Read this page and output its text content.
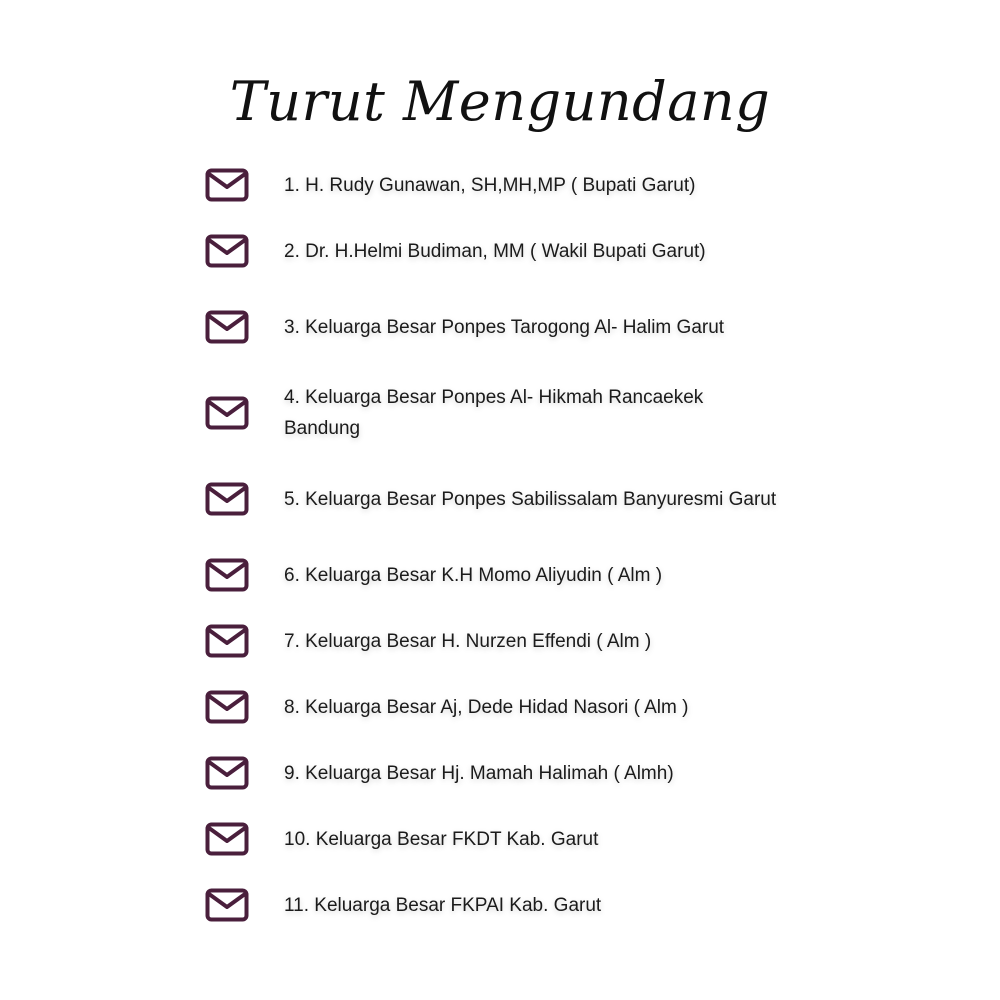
Turut Mengundang
1. H. Rudy Gunawan, SH,MH,MP ( Bupati Garut)
2. Dr. H.Helmi Budiman, MM ( Wakil Bupati Garut)
3. Keluarga Besar Ponpes Tarogong Al- Halim Garut
4. Keluarga Besar Ponpes Al- Hikmah Rancaekek Bandung
5. Keluarga Besar Ponpes Sabilissalam Banyuresmi Garut
6. Keluarga Besar K.H Momo Aliyudin ( Alm )
7. Keluarga Besar H. Nurzen Effendi ( Alm )
8. Keluarga Besar Aj, Dede Hidad Nasori ( Alm )
9. Keluarga Besar Hj. Mamah Halimah ( Almh)
10. Keluarga Besar FKDT Kab. Garut
11. Keluarga Besar FKPAI Kab. Garut
